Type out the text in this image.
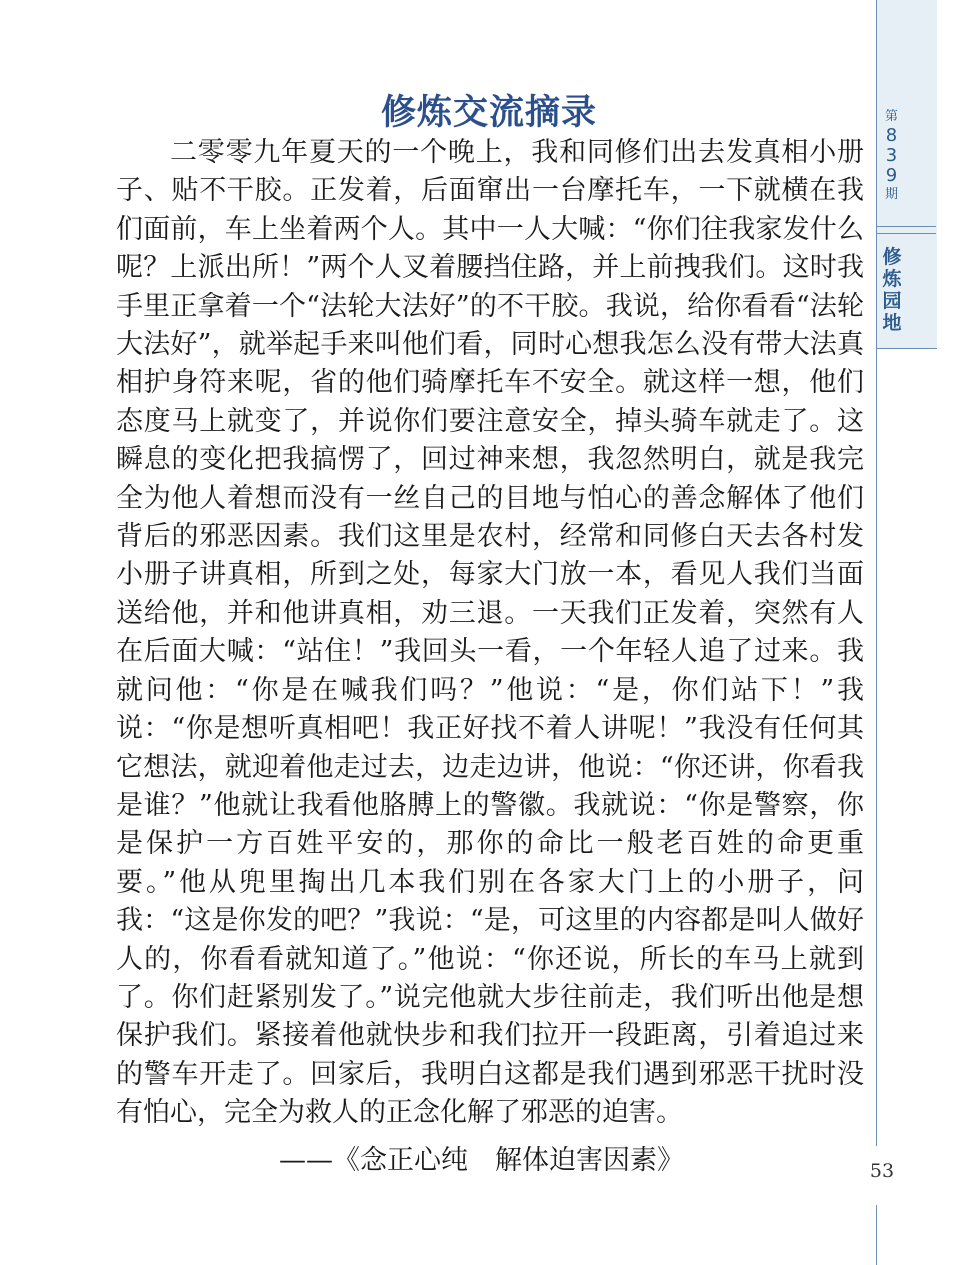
第
8
3
9
期
修
炼
园
地
修炼交流摘录

二零零九年夏天的一个晚上，我和同修们出去发真相小册子、贴不干胶。正发着，后面窜出一台摩托车，一下就横在我们面前，车上坐着两个人。其中一人大喊：“你们往我家发什么呢？上派出所！”两个人叉着腰挡住路，并上前拽我们。这时我手里正拿着一个“法轮大法好”的不干胶。我说，给你看看“法轮大法好”，就举起手来叫他们看，同时心想我怎么没有带大法真相护身符来呢，省的他们骑摩托车不安全。就这样一想，他们态度马上就变了，并说你们要注意安全，掉头骑车就走了。这瞬息的变化把我搞愣了，回过神来想，我忽然明白，就是我完全为他人着想而没有一丝自己的目地与怕心的善念解体了他们背后的邪恶因素。我们这里是农村，经常和同修白天去各村发小册子讲真相，所到之处，每家大门放一本，看见人我们当面送给他，并和他讲真相，劝三退。一天我们正发着，突然有人在后面大喊：“站住！”我回头一看，一个年轻人追了过来。我就问他：“你是在喊我们吗？”他说：“是，你们站下！”我说：“你是想听真相吧！我正好找不着人讲呢！”我没有任何其它想法，就迎着他走过去，边走边讲，他说：“你还讲，你看我是谁？”他就让我看他胳膊上的警徽。我就说：“你是警察，你是保护一方百姓平安的，那你的命比一般老百姓的命更重要。”他从兜里掏出几本我们别在各家大门上的小册子，问我：“这是你发的吧？”我说：“是，可这里的内容都是叫人做好人的，你看看就知道了。”他说：“你还说，所长的车马上就到了。你们赶紧别发了。”说完他就大步往前走，我们听出他是想保护我们。紧接着他就快步和我们拉开一段距离，引着追过来的警车开走了。回家后，我明白这都是我们遇到邪恶干扰时没有怕心，完全为救人的正念化解了邪恶的迫害。

——《念正心纯　解体迫害因素》	53
